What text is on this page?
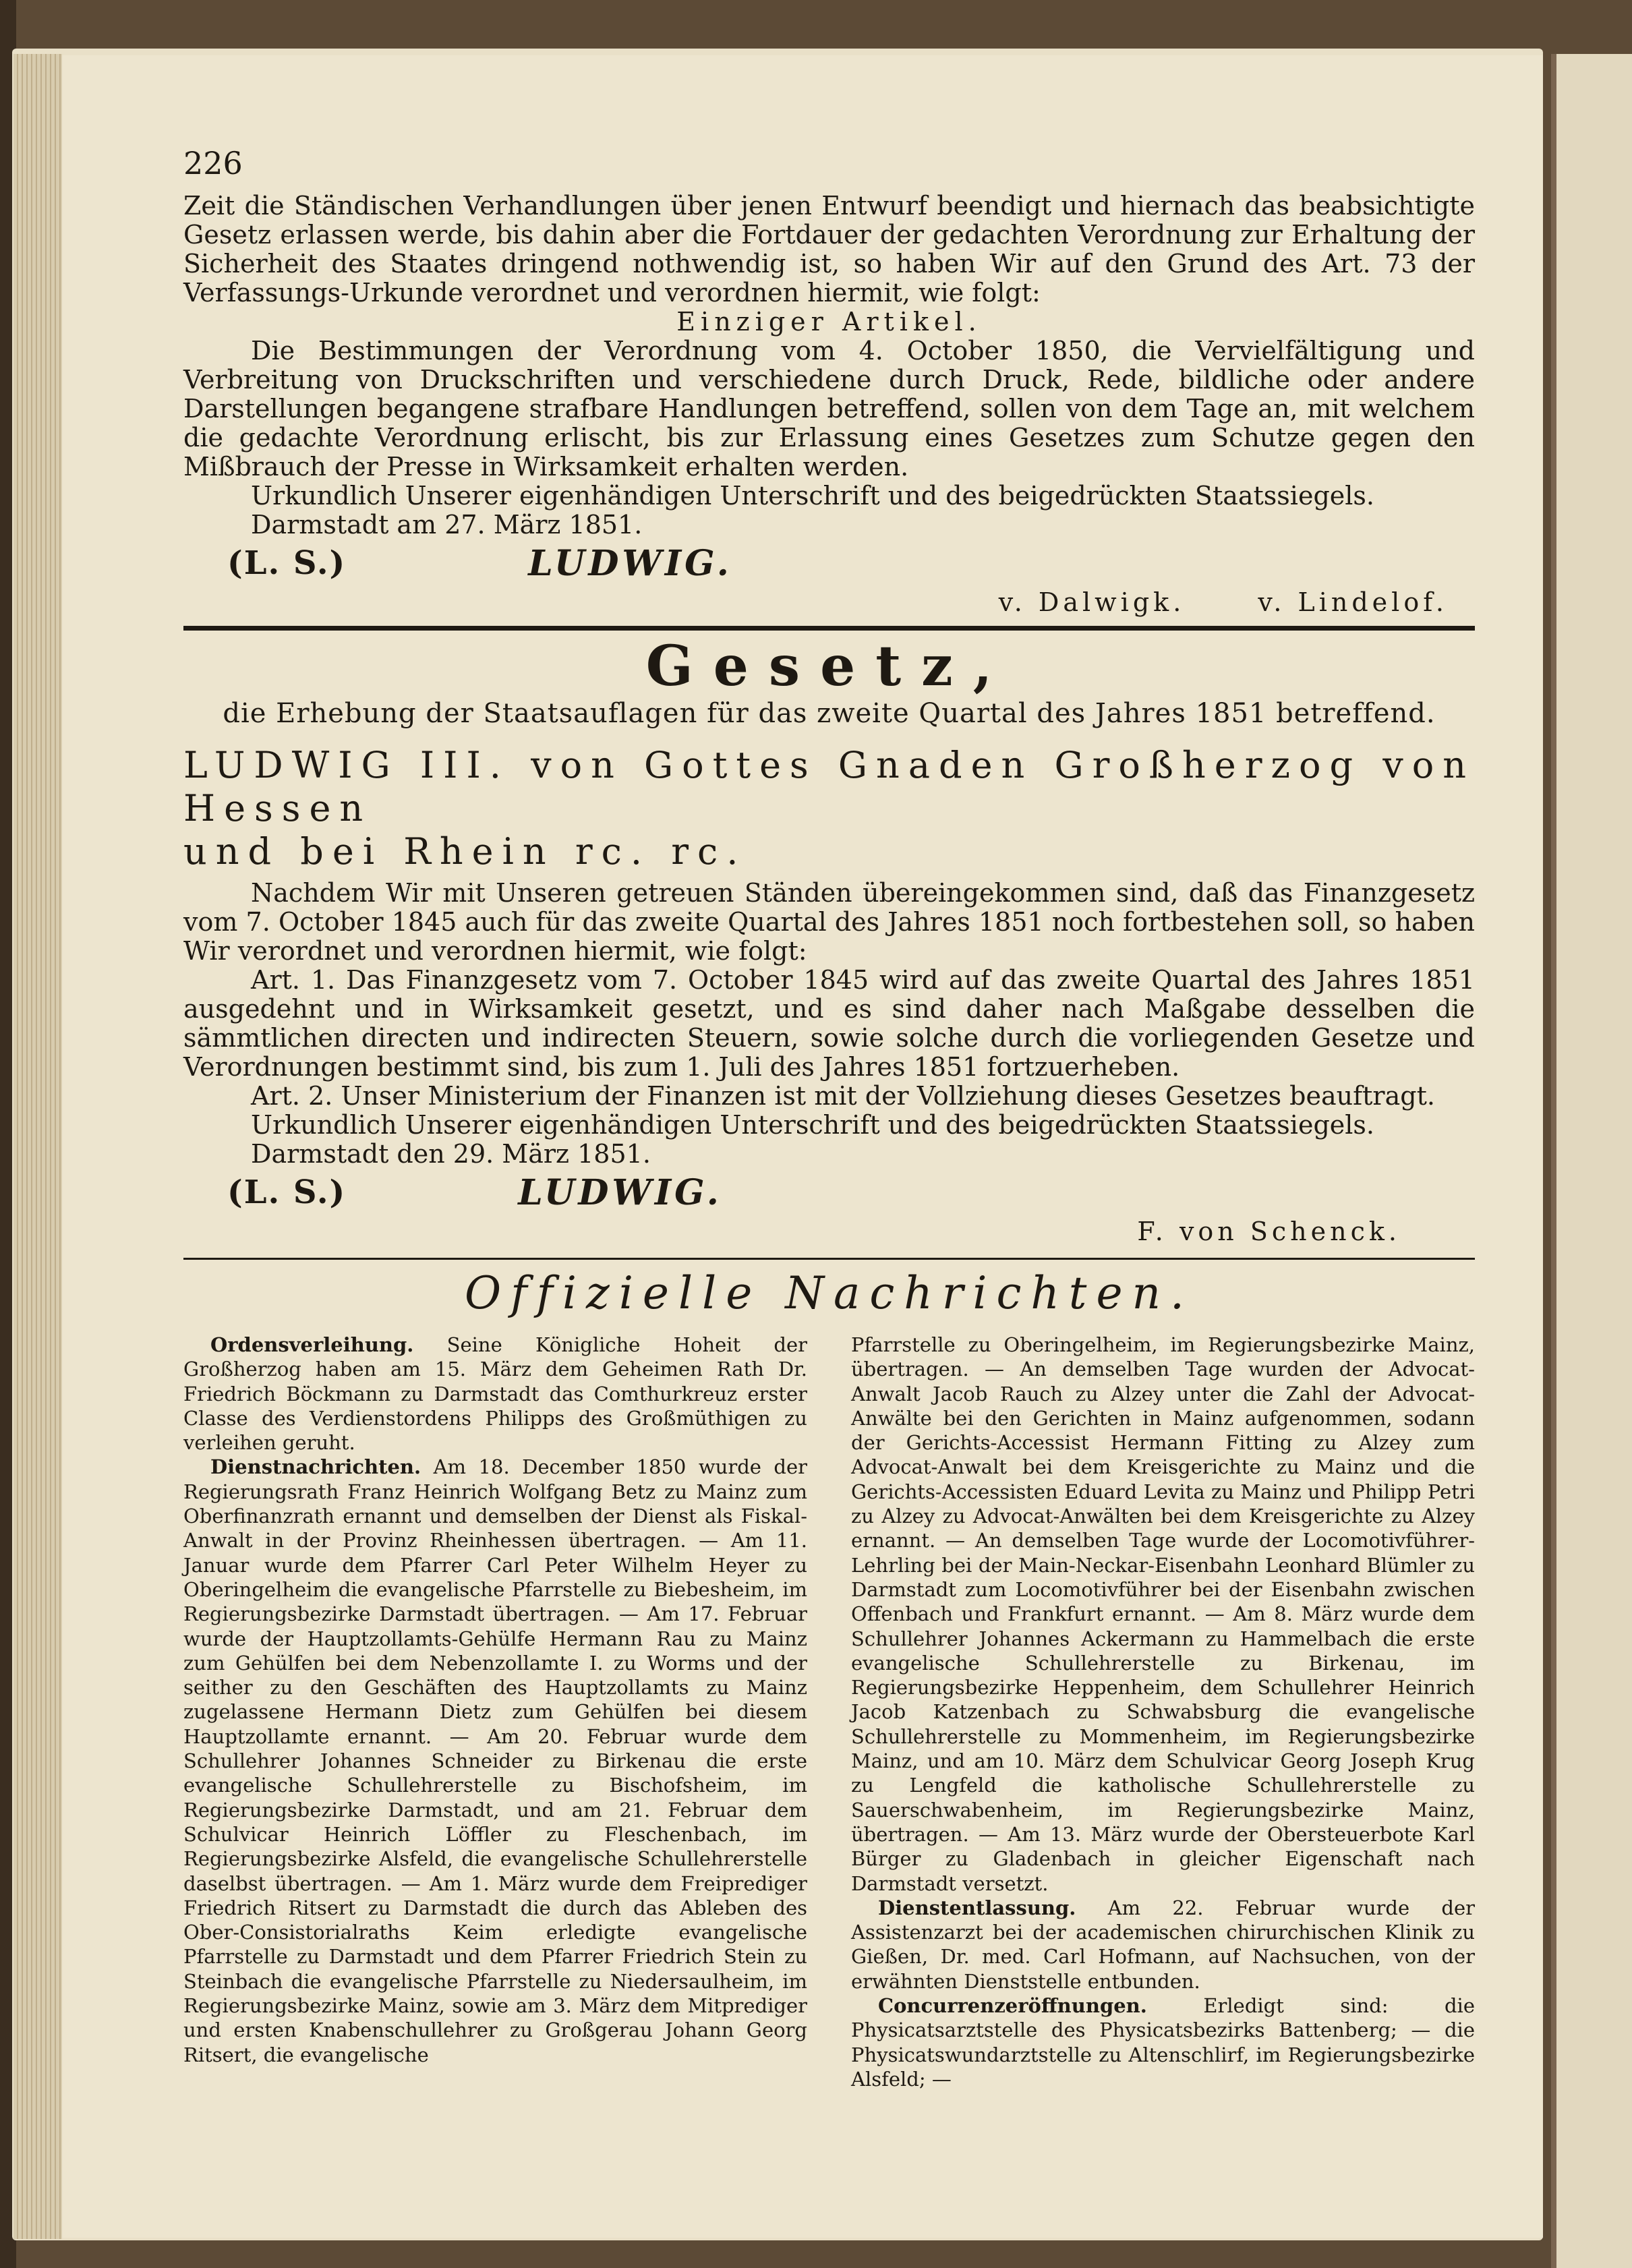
226

Zeit die Ständischen Verhandlungen über jenen Entwurf beendigt und hiernach das beabsichtigte Gesetz erlassen werde, bis dahin aber die Fortdauer der gedachten Verordnung zur Erhaltung der Sicherheit des Staates dringend nothwendig ist, so haben Wir auf den Grund des Art. 73 der Verfassungs-Urkunde verordnet und verordnen hiermit, wie folgt:

Einziger Artikel.

Die Bestimmungen der Verordnung vom 4. October 1850, die Vervielfältigung und Verbreitung von Druckschriften und verschiedene durch Druck, Rede, bildliche oder andere Darstellungen begangene strafbare Handlungen betreffend, sollen von dem Tage an, mit welchem die gedachte Verordnung erlischt, bis zur Erlassung eines Gesetzes zum Schutze gegen den Mißbrauch der Presse in Wirksamkeit erhalten werden.

Urkundlich Unserer eigenhändigen Unterschrift und des beigedrückten Staatssiegels.

Darmstadt am 27. März 1851.

(L. S.)	LUDWIG.
v. Dalwigk.	v. Lindelof.
Gesetz,
die Erhebung der Staatsauflagen für das zweite Quartal des Jahres 1851 betreffend.
LUDWIG III. von Gottes Gnaden Großherzog von Hessen
und bei Rhein rc. rc.

Nachdem Wir mit Unseren getreuen Ständen übereingekommen sind, daß das Finanzgesetz vom 7. October 1845 auch für das zweite Quartal des Jahres 1851 noch fortbestehen soll, so haben Wir verordnet und verordnen hiermit, wie folgt:

Art. 1. Das Finanzgesetz vom 7. October 1845 wird auf das zweite Quartal des Jahres 1851 ausgedehnt und in Wirksamkeit gesetzt, und es sind daher nach Maßgabe desselben die sämmtlichen directen und indirecten Steuern, sowie solche durch die vorliegenden Gesetze und Verordnungen bestimmt sind, bis zum 1. Juli des Jahres 1851 fortzuerheben.

Art. 2. Unser Ministerium der Finanzen ist mit der Vollziehung dieses Gesetzes beauftragt.

Urkundlich Unserer eigenhändigen Unterschrift und des beigedrückten Staatssiegels.

Darmstadt den 29. März 1851.

(L. S.)	LUDWIG.
F. von Schenck.
Offizielle Nachrichten.

Ordensverleihung. Seine Königliche Hoheit der Großherzog haben am 15. März dem Geheimen Rath Dr. Friedrich Böckmann zu Darmstadt das Comthurkreuz erster Classe des Verdienstordens Philipps des Großmüthigen zu verleihen geruht.

Dienstnachrichten. Am 18. December 1850 wurde der Regierungsrath Franz Heinrich Wolfgang Betz zu Mainz zum Oberfinanzrath ernannt und demselben der Dienst als Fiskal-Anwalt in der Provinz Rheinhessen übertragen. — Am 11. Januar wurde dem Pfarrer Carl Peter Wilhelm Heyer zu Oberingelheim die evangelische Pfarrstelle zu Biebesheim, im Regierungsbezirke Darmstadt übertragen. — Am 17. Februar wurde der Hauptzollamts-Gehülfe Hermann Rau zu Mainz zum Gehülfen bei dem Nebenzollamte I. zu Worms und der seither zu den Geschäften des Hauptzollamts zu Mainz zugelassene Hermann Dietz zum Gehülfen bei diesem Hauptzollamte ernannt. — Am 20. Februar wurde dem Schullehrer Johannes Schneider zu Birkenau die erste evangelische Schullehrerstelle zu Bischofsheim, im Regierungsbezirke Darmstadt, und am 21. Februar dem Schulvicar Heinrich Löffler zu Fleschenbach, im Regierungsbezirke Alsfeld, die evangelische Schullehrerstelle daselbst übertragen. — Am 1. März wurde dem Freiprediger Friedrich Ritsert zu Darmstadt die durch das Ableben des Ober-Consistorialraths Keim erledigte evangelische Pfarrstelle zu Darmstadt und dem Pfarrer Friedrich Stein zu Steinbach die evangelische Pfarrstelle zu Niedersaulheim, im Regierungsbezirke Mainz, sowie am 3. März dem Mitprediger und ersten Knabenschullehrer zu Großgerau Johann Georg Ritsert, die evangelische

Pfarrstelle zu Oberingelheim, im Regierungsbezirke Mainz, übertragen. — An demselben Tage wurden der Advocat-Anwalt Jacob Rauch zu Alzey unter die Zahl der Advocat-Anwälte bei den Gerichten in Mainz aufgenommen, sodann der Gerichts-Accessist Hermann Fitting zu Alzey zum Advocat-Anwalt bei dem Kreisgerichte zu Mainz und die Gerichts-Accessisten Eduard Levita zu Mainz und Philipp Petri zu Alzey zu Advocat-Anwälten bei dem Kreisgerichte zu Alzey ernannt. — An demselben Tage wurde der Locomotivführer-Lehrling bei der Main-Neckar-Eisenbahn Leonhard Blümler zu Darmstadt zum Locomotivführer bei der Eisenbahn zwischen Offenbach und Frankfurt ernannt. — Am 8. März wurde dem Schullehrer Johannes Ackermann zu Hammelbach die erste evangelische Schullehrerstelle zu Birkenau, im Regierungsbezirke Heppenheim, dem Schullehrer Heinrich Jacob Katzenbach zu Schwabsburg die evangelische Schullehrerstelle zu Mommenheim, im Regierungsbezirke Mainz, und am 10. März dem Schulvicar Georg Joseph Krug zu Lengfeld die katholische Schullehrerstelle zu Sauerschwabenheim, im Regierungsbezirke Mainz, übertragen. — Am 13. März wurde der Obersteuerbote Karl Bürger zu Gladenbach in gleicher Eigenschaft nach Darmstadt versetzt.

Dienstentlassung. Am 22. Februar wurde der Assistenzarzt bei der academischen chirurchischen Klinik zu Gießen, Dr. med. Carl Hofmann, auf Nachsuchen, von der erwähnten Dienststelle entbunden.

Concurrenzeröffnungen.	Erledigt sind: die Physicatsarztstelle des Physicatsbezirks Battenberg; — die Physicatswundarztstelle zu Altenschlirf, im Regierungsbezirke Alsfeld; —
